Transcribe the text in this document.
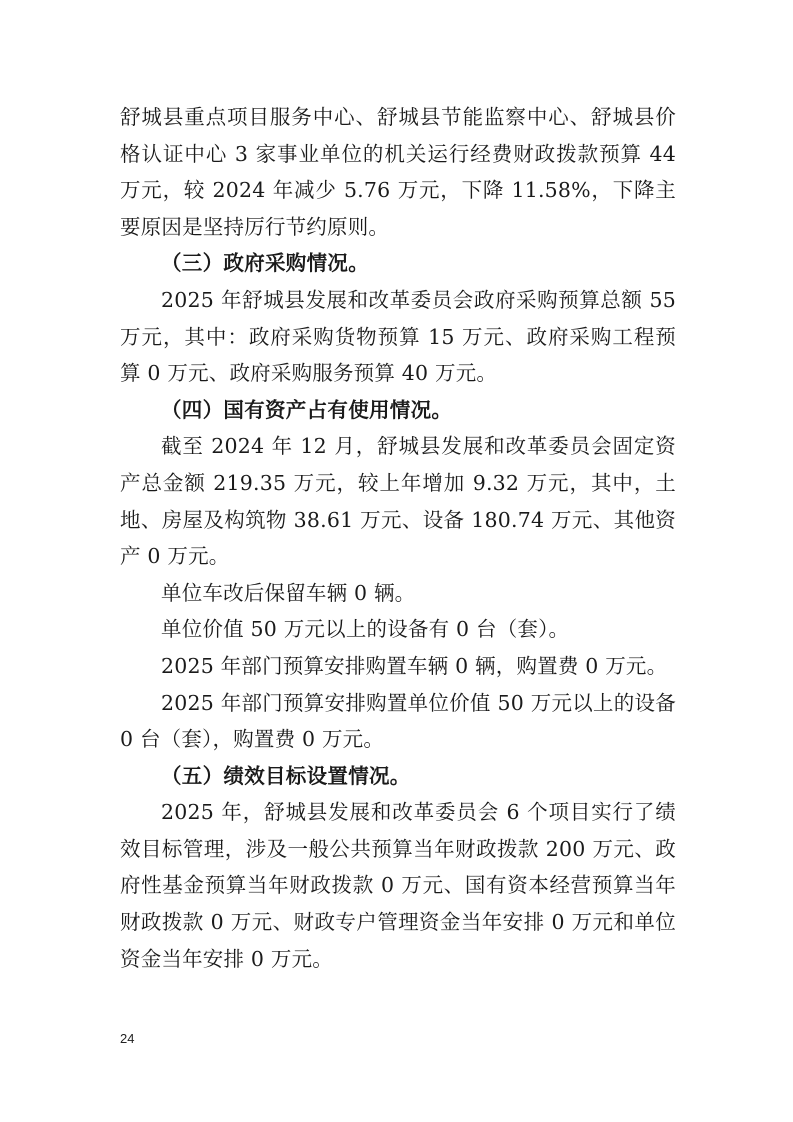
舒城县重点项目服务中心、舒城县节能监察中心、舒城县价格认证中心 3 家事业单位的机关运行经费财政拨款预算 44 万元，较 2024 年减少 5.76 万元，下降 11.58%，下降主要原因是坚持厉行节约原则。

（三）政府采购情况。

2025 年舒城县发展和改革委员会政府采购预算总额 55 万元，其中：政府采购货物预算 15 万元、政府采购工程预算 0 万元、政府采购服务预算 40 万元。

（四）国有资产占有使用情况。

截至 2024 年 12 月，舒城县发展和改革委员会固定资产总金额 219.35 万元，较上年增加 9.32 万元，其中，土地、房屋及构筑物 38.61 万元、设备 180.74 万元、其他资产 0 万元。

单位车改后保留车辆 0 辆。

单位价值 50 万元以上的设备有 0 台（套）。

2025 年部门预算安排购置车辆 0 辆，购置费 0 万元。

2025 年部门预算安排购置单位价值 50 万元以上的设备 0 台（套），购置费 0 万元。

（五）绩效目标设置情况。

2025 年，舒城县发展和改革委员会 6 个项目实行了绩效目标管理，涉及一般公共预算当年财政拨款 200 万元、政府性基金预算当年财政拨款 0 万元、国有资本经营预算当年财政拨款 0 万元、财政专户管理资金当年安排 0 万元和单位资金当年安排 0 万元。

24
